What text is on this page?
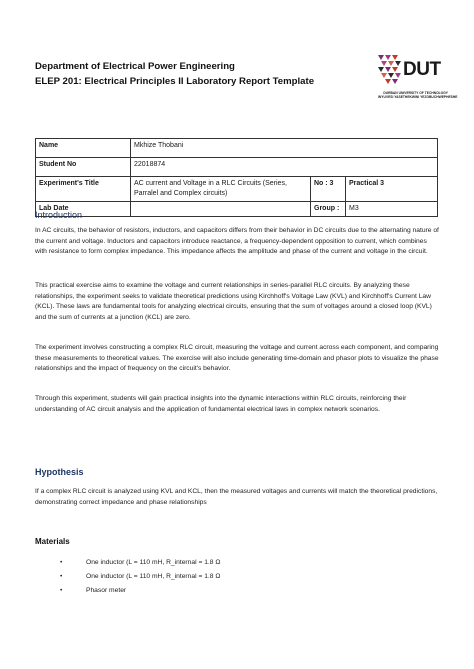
Department of Electrical Power Engineering
ELEP 201: Electrical Principles II Laboratory Report Template
DUT
DURBAN UNIVERSITY OF TECHNOLOGY
INYUVESI YASETHEKWINI YEZOBUCHWEPHESHE
Name	Mkhize Thobani		
Student No	22018874		
Experiment's Title	AC current and Voltage in a RLC Circuits (Series, Parralel and Complex circuits)	No : 3	Practical 3
Lab Date		Group :	M3
Introduction
In AC circuits, the behavior of resistors, inductors, and capacitors differs from their behavior in DC circuits due to the alternating nature of the current and voltage. Inductors and capacitors introduce reactance, a frequency-dependent opposition to current, which combines with resistance to form complex impedance. This impedance affects the amplitude and phase of the current and voltage in the circuit.
This practical exercise aims to examine the voltage and current relationships in series-parallel RLC circuits. By analyzing these relationships, the experiment seeks to validate theoretical predictions using Kirchhoff's Voltage Law (KVL) and Kirchhoff's Current Law (KCL). These laws are fundamental tools for analyzing electrical circuits, ensuring that the sum of voltages around a closed loop (KVL) and the sum of currents at a junction (KCL) are zero.
The experiment involves constructing a complex RLC circuit, measuring the voltage and current across each component, and comparing these measurements to theoretical values. The exercise will also include generating time-domain and phasor plots to visualize the phase relationships and the impact of frequency on the circuit's behavior.
Through this experiment, students will gain practical insights into the dynamic interactions within RLC circuits, reinforcing their understanding of AC circuit analysis and the application of fundamental electrical laws in complex network scenarios.
Hypothesis
If a complex RLC circuit is analyzed using KVL and KCL, then the measured voltages and currents will match the theoretical predictions, demonstrating correct impedance and phase relationships
Materials
•	One inductor (L = 110 mH, R_internal = 1.8 Ω
•	One inductor (L = 110 mH, R_internal = 1.8 Ω
•	Phasor meter
